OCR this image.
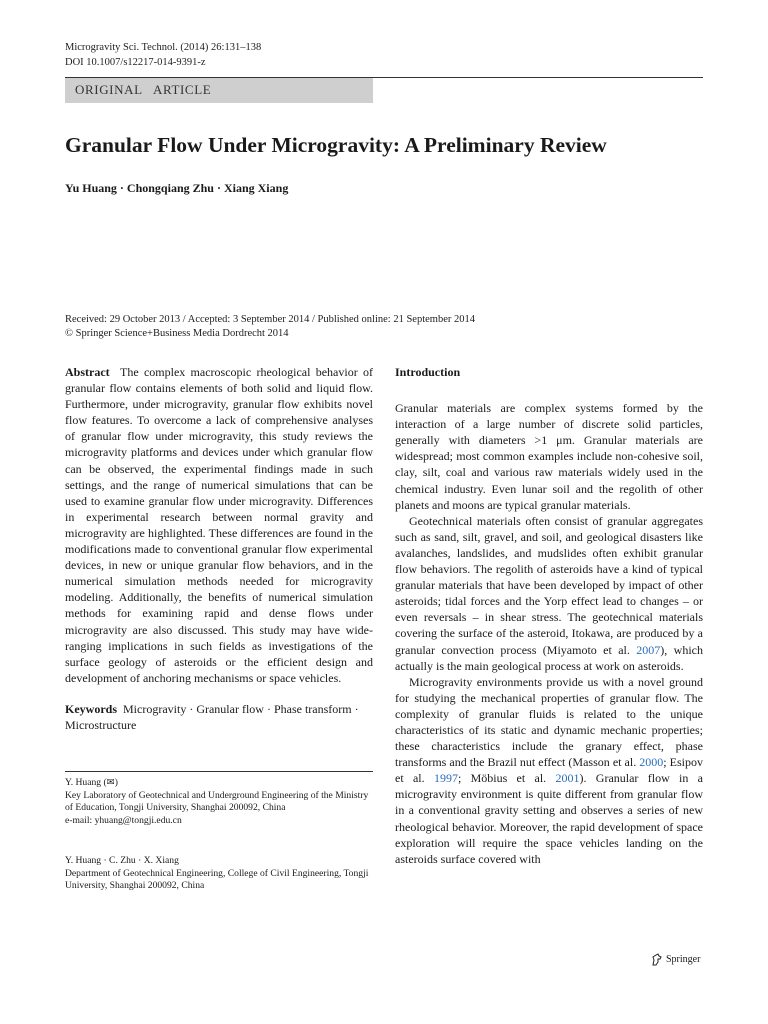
Microgravity Sci. Technol. (2014) 26:131–138
DOI 10.1007/s12217-014-9391-z
ORIGINAL   ARTICLE
Granular Flow Under Microgravity: A Preliminary Review
Yu Huang · Chongqiang Zhu · Xiang Xiang
Received: 29 October 2013 / Accepted: 3 September 2014 / Published online: 21 September 2014
© Springer Science+Business Media Dordrecht 2014

Abstract The complex macroscopic rheological behavior of granular flow contains elements of both solid and liquid flow. Furthermore, under microgravity, granular flow exhibits novel flow features. To overcome a lack of comprehensive analyses of granular flow under microgravity, this study reviews the microgravity platforms and devices under which granular flow can be observed, the experimental findings made in such settings, and the range of numerical simulations that can be used to examine granular flow under microgravity. Differences in experimental research between normal gravity and microgravity are highlighted. These differences are found in the modifications made to conventional granular flow experimental devices, in new or unique granular flow behaviors, and in the numerical simulation methods needed for microgravity modeling. Additionally, the benefits of numerical simulation methods for examining rapid and dense flows under microgravity are also discussed. This study may have wide-ranging implications in such fields as investigations of the surface geology of asteroids or the efficient design and development of anchoring mechanisms or space vehicles.

Keywords Microgravity · Granular flow · Phase transform · Microstructure

Y. Huang (✉)
Key Laboratory of Geotechnical and Underground Engineering of the Ministry of Education, Tongji University, Shanghai 200092, China
e-mail: yhuang@tongji.edu.cn
Y. Huang · C. Zhu · X. Xiang
Department of Geotechnical Engineering, College of Civil Engineering, Tongji University, Shanghai 200092, China

Introduction

Granular materials are complex systems formed by the interaction of a large number of discrete solid particles, generally with diameters >1 μm. Granular materials are widespread; most common examples include non-cohesive soil, clay, silt, coal and various raw materials widely used in the chemical industry. Even lunar soil and the regolith of other planets and moons are typical granular materials.

Geotechnical materials often consist of granular aggregates such as sand, silt, gravel, and soil, and geological disasters like avalanches, landslides, and mudslides often exhibit granular flow behaviors. The regolith of asteroids have a kind of typical granular materials that have been developed by impact of other asteroids; tidal forces and the Yorp effect lead to changes – or even reversals – in shear stress. The geotechnical materials covering the surface of the asteroid, Itokawa, are produced by a granular convection process (Miyamoto et al. 2007), which actually is the main geological process at work on asteroids.

Microgravity environments provide us with a novel ground for studying the mechanical properties of granular flow. The complexity of granular fluids is related to the unique characteristics of its static and dynamic mechanic properties; these characteristics include the granary effect, phase transforms and the Brazil nut effect (Masson et al. 2000; Esipov et al. 1997; Möbius et al. 2001). Granular flow in a microgravity environment is quite different from granular flow in a conventional gravity setting and observes a series of new rheological behavior. Moreover, the rapid development of space exploration will require the space vehicles landing on the asteroids surface covered with

Springer
